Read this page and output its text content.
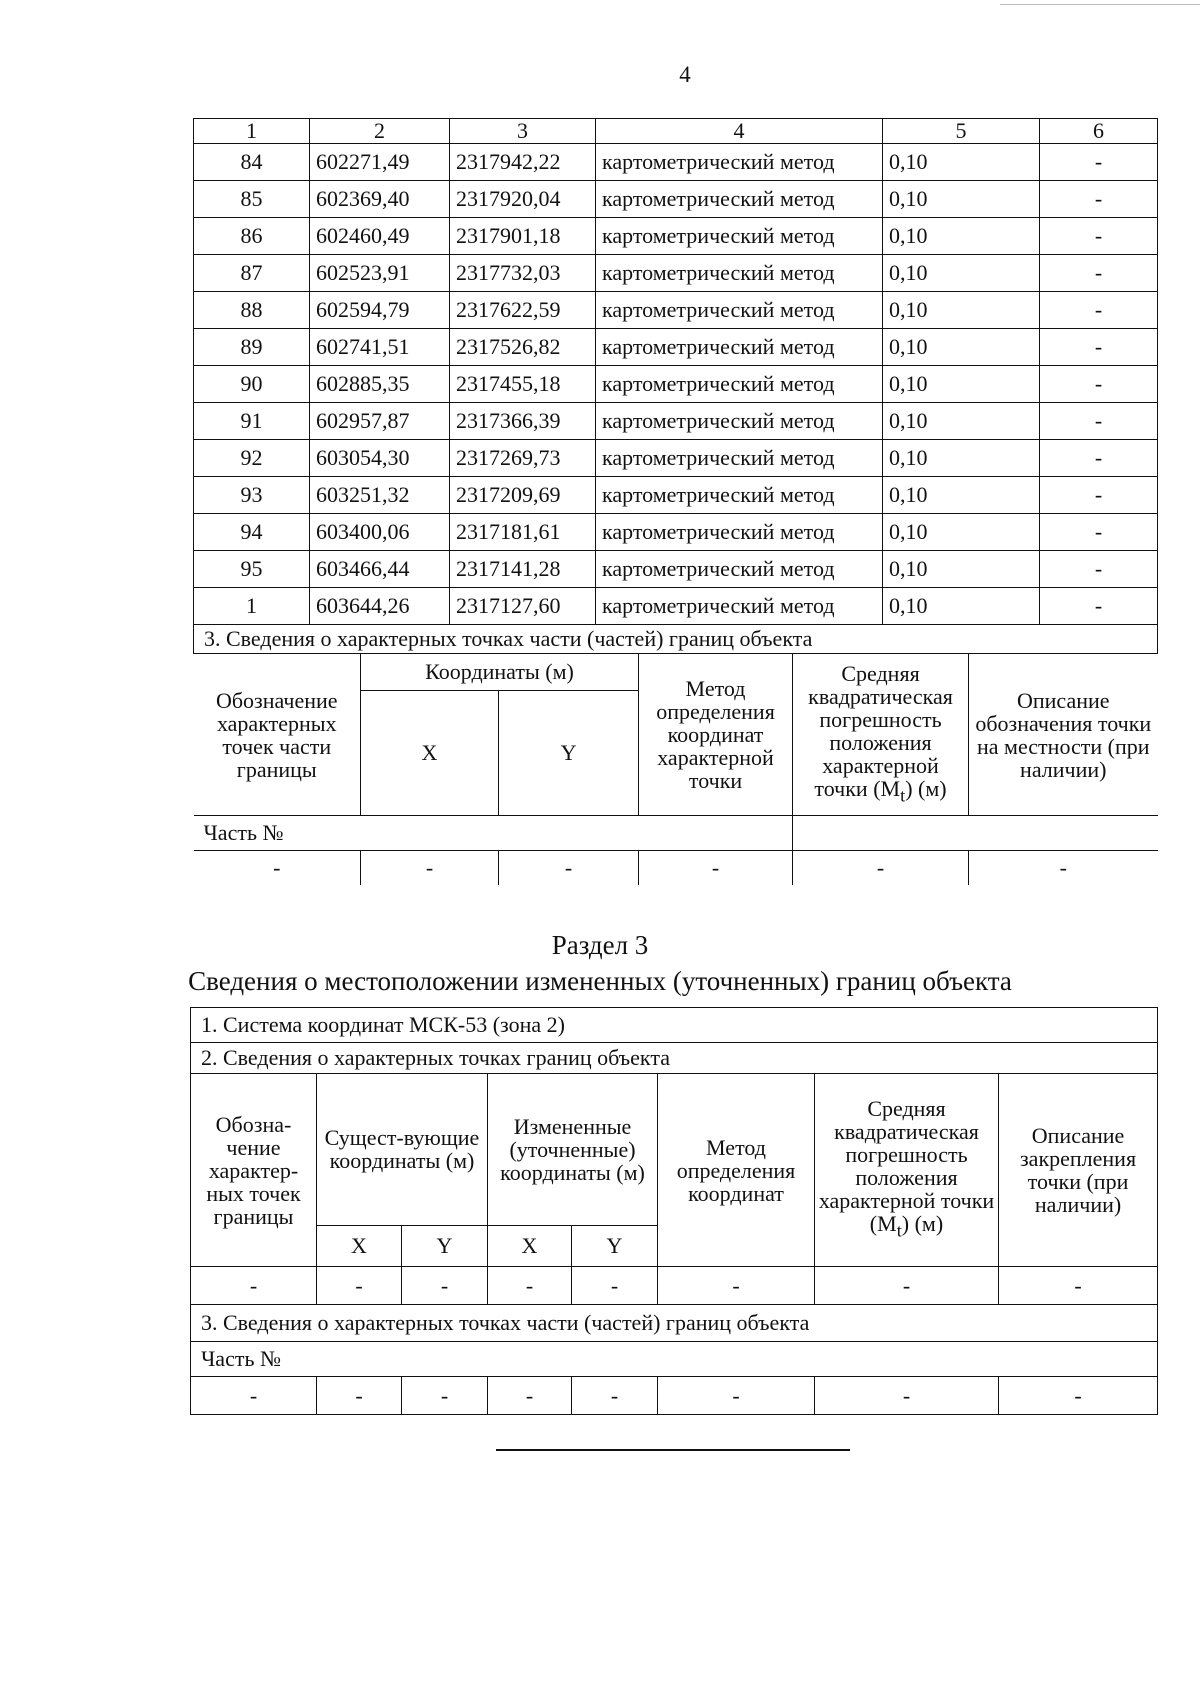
4
1	2	3	4	5	6
84	602271,49	2317942,22	картометрический метод	0,10	-
85	602369,40	2317920,04	картометрический метод	0,10	-
86	602460,49	2317901,18	картометрический метод	0,10	-
87	602523,91	2317732,03	картометрический метод	0,10	-
88	602594,79	2317622,59	картометрический метод	0,10	-
89	602741,51	2317526,82	картометрический метод	0,10	-
90	602885,35	2317455,18	картометрический метод	0,10	-
91	602957,87	2317366,39	картометрический метод	0,10	-
92	603054,30	2317269,73	картометрический метод	0,10	-
93	603251,32	2317209,69	картометрический метод	0,10	-
94	603400,06	2317181,61	картометрический метод	0,10	-
95	603466,44	2317141,28	картометрический метод	0,10	-
1	603644,26	2317127,60	картометрический метод	0,10	-
3. Сведения о характерных точках части (частей) границ объекта

Обозначение характерных точек части границы	Координаты (м)	Метод определения координат характерной точки	Средняя квадратическая погрешность положения характерной точки $(M_t)$ (м)	Описание обозначения точки на местности (при наличии)
X	Y
Часть №	
-	-	-	-	-	-
Раздел 3
Сведения о местоположении измененных (уточненных) границ объекта
1. Система координат МСК-53 (зона 2)							
2. Сведения о характерных точках границ объекта							
Обозна-чение характер-ных точек границы	Сущест-вующие координаты (м)		Измененные (уточненные) координаты (м)		Метод определения координат	Средняя квадратическая погрешность положения характерной точки $(M_t)$ (м)	Описание закрепления точки (при наличии)
	X	Y	X	Y			
-	-	-	-	-	-	-	-
3. Сведения о характерных точках части (частей) границ объекта							
Часть №							
-	-	-	-	-	-	-	-
